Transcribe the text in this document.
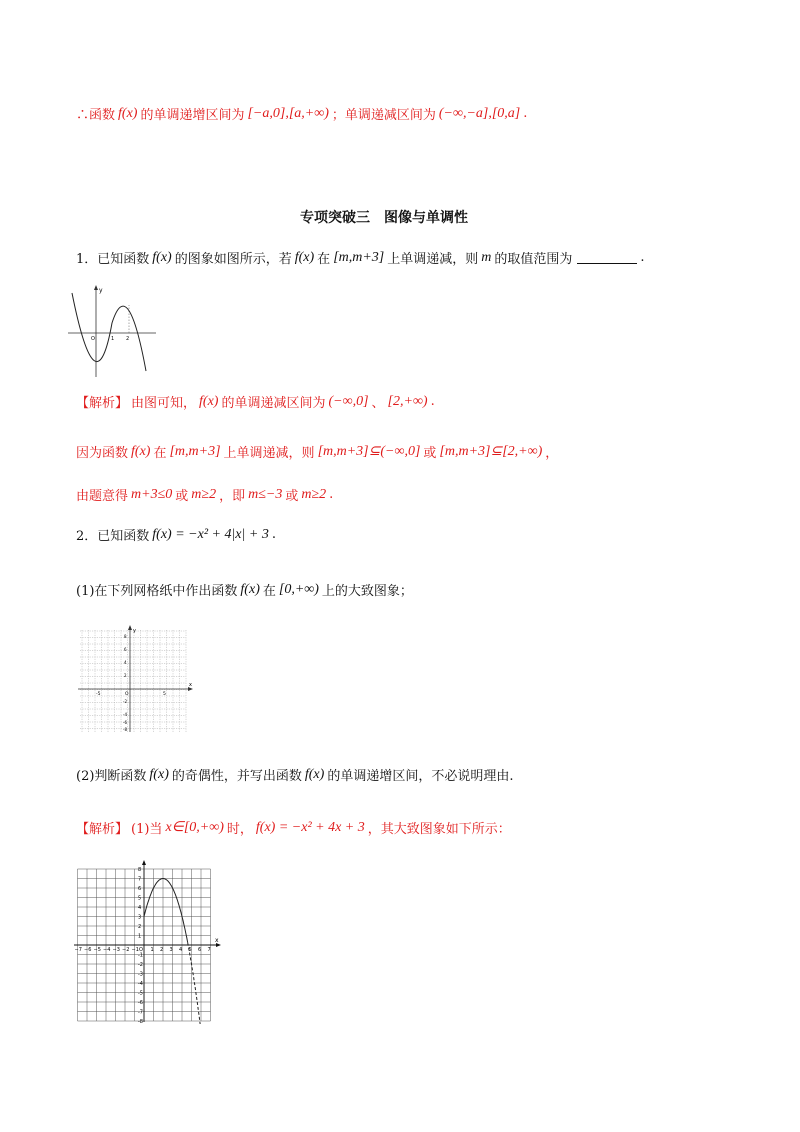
∴函数 f(x) 的单调递增区间为 [−a,0],[a,+∞) ；单调递减区间为 (−∞,−a],[0,a] .
专项突破三　图像与单调性
1．已知函数 f(x) 的图象如图所示，若 f(x) 在 [m,m+3] 上单调递减，则 m 的取值范围为	.
y
O	1 2
【解析】 由图可知， f(x) 的单调递减区间为 (−∞,0] 、 [2,+∞) .
因为函数 f(x) 在 [m,m+3] 上单调递减，则 [m,m+3]⊆(−∞,0] 或 [m,m+3]⊆[2,+∞) ，
由题意得 m+3≤0 或 m≥2 ，即 m≤−3 或 m≥2 .
2．已知函数 f(x) = −x² + 4|x| + 3 .
(1)在下列网格纸中作出函数 f(x) 在 [0,+∞) 上的大致图象；
y
x
O
-5	5
8
6
4
2
-2
-4
-6
-8
(2)判断函数 f(x) 的奇偶性，并写出函数 f(x) 的单调递增区间，不必说明理由.
【解析】 (1)当 x∈[0,+∞) 时， f(x) = −x² + 4x + 3 ，其大致图象如下所示：
x
O
−7 −6 −5 −4 −3 −2 −1 1 2 3 4 5 6 7
8
7
6
5
4
3
2
1
-1
-2
-3
-4
-5
-6
-7
-8
